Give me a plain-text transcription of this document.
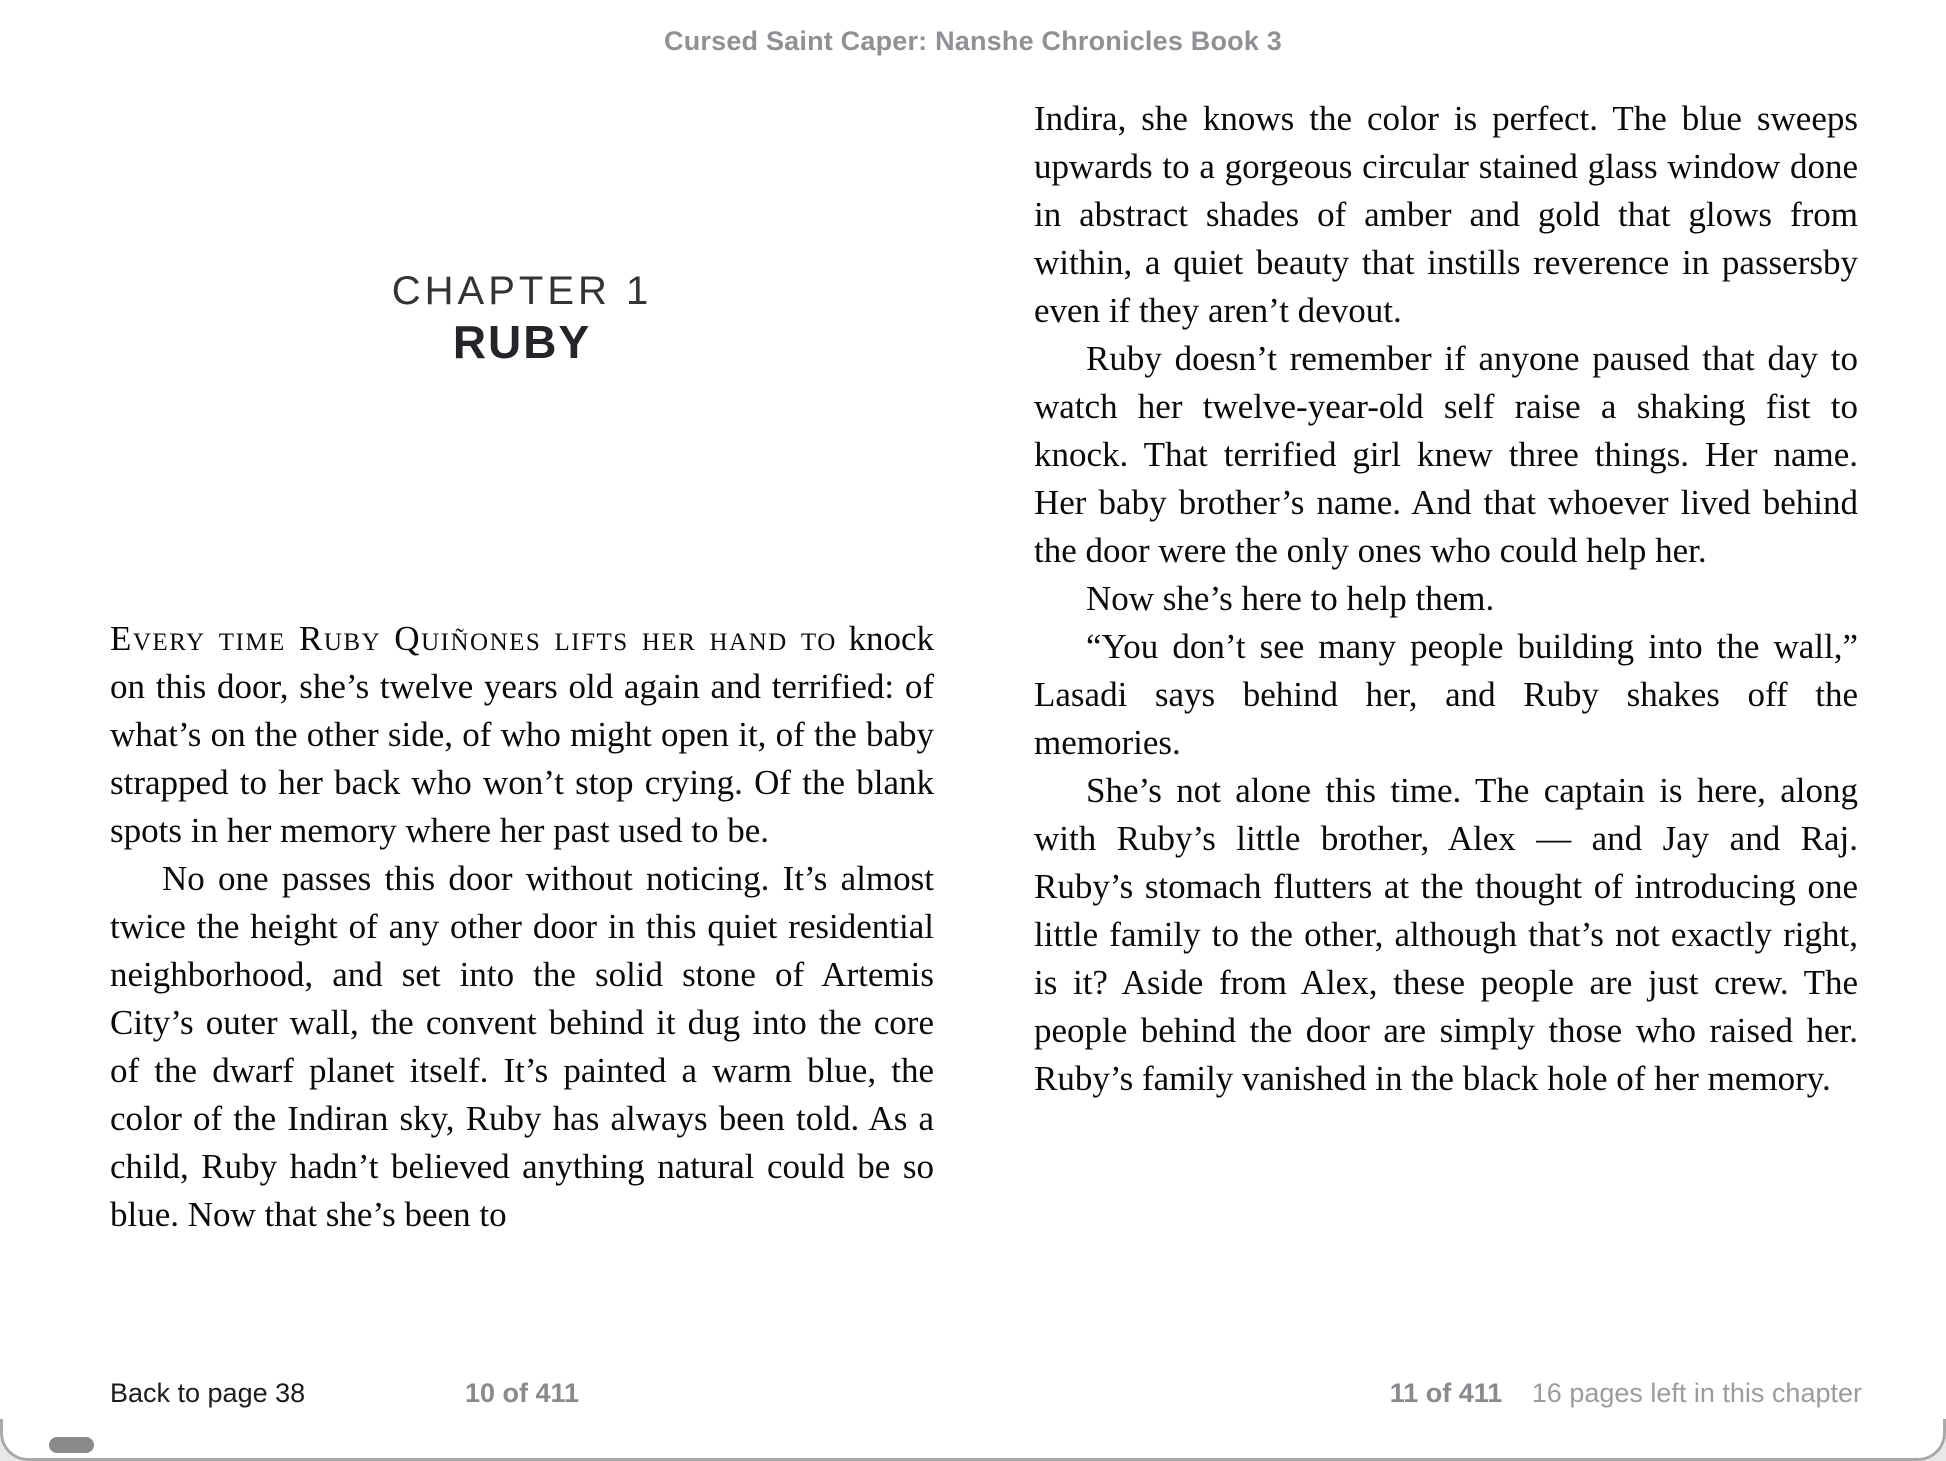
Cursed Saint Caper: Nanshe Chronicles Book 3
CHAPTER 1
RUBY

Every time Ruby Quiñones lifts her hand to knock on this door, she’s twelve years old again and terrified: of what’s on the other side, of who might open it, of the baby strapped to her back who won’t stop crying. Of the blank spots in her memory where her past used to be.

No one passes this door without noticing. It’s almost twice the height of any other door in this quiet residential neighborhood, and set into the solid stone of Artemis City’s outer wall, the convent behind it dug into the core of the dwarf planet itself. It’s painted a warm blue, the color of the Indiran sky, Ruby has always been told. As a child, Ruby hadn’t believed anything natural could be so blue. Now that she’s been to

Indira, she knows the color is perfect. The blue sweeps upwards to a gorgeous circular stained glass window done in abstract shades of amber and gold that glows from within, a quiet beauty that instills reverence in passersby even if they aren’t devout.

Ruby doesn’t remember if anyone paused that day to watch her twelve-year-old self raise a shaking fist to knock. That terrified girl knew three things. Her name. Her baby brother’s name. And that whoever lived behind the door were the only ones who could help her.

Now she’s here to help them.

“You don’t see many people building into the wall,” Lasadi says behind her, and Ruby shakes off the memories.

She’s not alone this time. The captain is here, along with Ruby’s little brother, Alex — and Jay and Raj. Ruby’s stomach flutters at the thought of introducing one little family to the other, although that’s not exactly right, is it? Aside from Alex, these people are just crew. The people behind the door are simply those who raised her. Ruby’s family vanished in the black hole of her memory.

Back to page 38	10 of 411	11 of 411	16 pages left in this chapter
